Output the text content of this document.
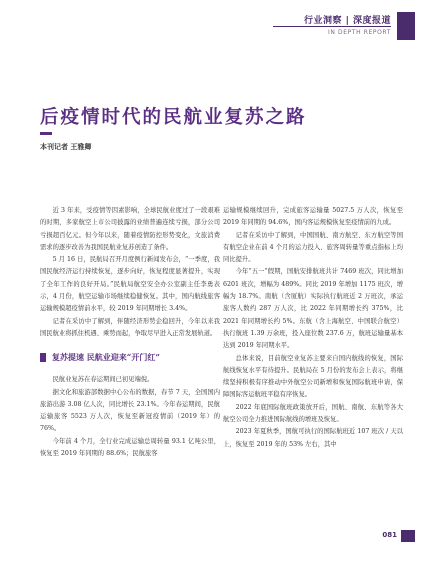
行业洞察 | 深度报道
IN DEPTH REPORT
后疫情时代的民航业复苏之路
本刊记者 王雅卿

近 3 年来，受疫情等因素影响，全球民航业度过了一段艰难的时期，多家航空上市公司披露的业绩普遍连续亏损，部分公司亏损超百亿元。但今年以来，随着疫情防控形势变化，文旅消费需求的逐步改善为我国民航业复苏创造了条件。

5 月 16 日，民航局召开月度例行新闻发布会，“一季度，我国民航经济运行持续恢复，逐步向好，恢复程度显著提升，实现了全年工作的良好开局。”民航局航空安全办公室副主任李勇表示，4 月份，航空运输市场继续稳健恢复。其中，国内航线旅客运输规模超疫情前水平，较 2019 年同期增长 3.4%。

记者在采访中了解到，伴随经济形势企稳回升，今年以来我国民航业将抓住机遇、乘势而起，争取尽早进入正常发展轨道。

复苏提速 民航业迎来“开门红”

民航业复苏在春运期间已初见端倪。

据文化和旅游部数据中心公布的数据，春节 7 天，全国国内旅游出游 3.08 亿人次，同比增长 23.1%。今年春运期间，民航运输旅客 5523 万人次，恢复至新冠疫情前（2019 年）的 76%。

今年前 4 个月，全行业完成运输总周转量 93.1 亿吨公里，恢复至 2019 年同期的 88.6%；民航旅客

运输规模继续回升，完成旅客运输量 5027.5 万人次，恢复至 2019 年同期的 94.6%，国内客运规模恢复至疫情前的九成。

记者在采访中了解到，中国国航、南方航空、东方航空等国有航空企业在前 4 个月的运力投入、旅客周转量等重点指标上均同比提升。

今年“五一”假期，国航安排航班共计 7469 班次，同比增加 6201 班次，增幅为 489%。同比 2019 年增加 1175 班次，增幅为 18.7%。南航（含厦航）实际执行航班近 2 万班次，承运旅客人数约 287 万人次，比 2022 年同期增长约 375%，比 2021 年同期增长约 5%。东航（含上海航空、中国联合航空）执行航班 1.39 万余班，投入座位数 237.6 万，航班运输量基本达到 2019 年同期水平。

总体来说，目前航空业复苏主要来自国内航线的恢复，国际航线恢复水平有待提升。民航局在 5 月份的发布会上表示，将继续坚持积极有序推动中外航空公司新增和恢复国际航班申请，保障国际客运航班平稳有序恢复。

2022 年底国际航班政策放开后，国航、南航、东航等各大航空公司全力推进国际航线的增班及恢复。

2023 年夏秋季，国航可执行的国际航班近 107 班次 / 天以上，恢复至 2019 年的 53% 左右，其中

081
